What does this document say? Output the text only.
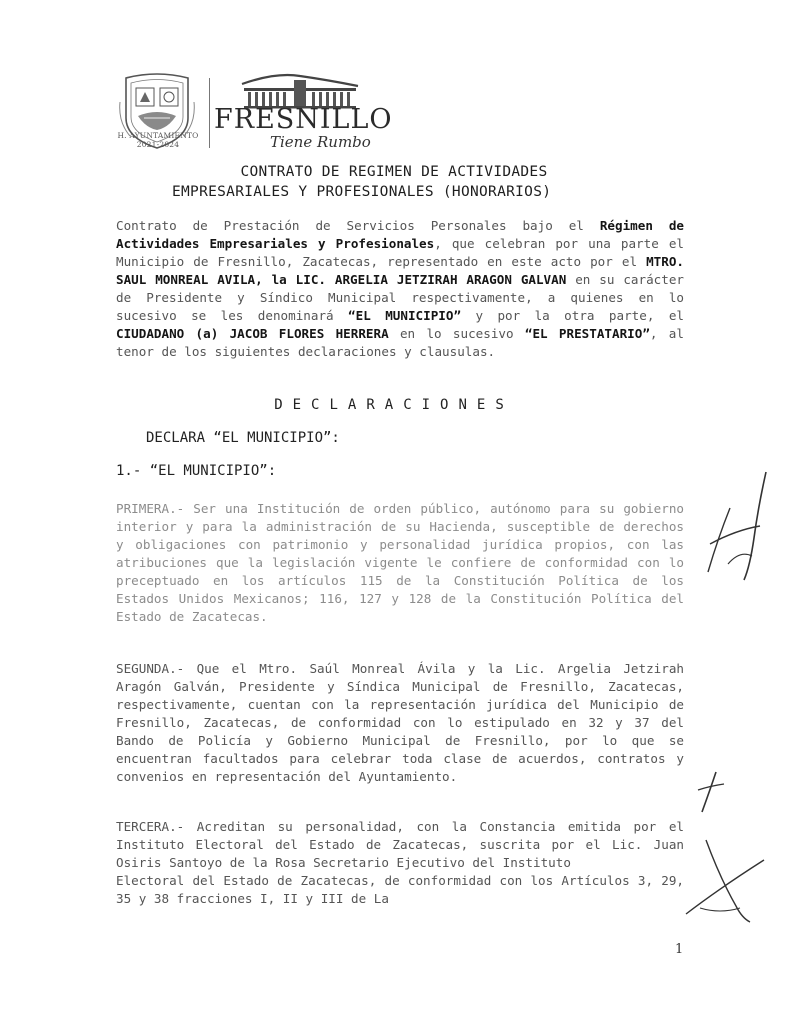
H. AYUNTAMIENTO
2021-2024
FRESNILLO
Tiene Rumbo
CONTRATO DE REGIMEN DE ACTIVIDADES
EMPRESARIALES Y PROFESIONALES (HONORARIOS)

Contrato de Prestación de Servicios Personales bajo el Régimen de Actividades Empresariales y Profesionales, que celebran por una parte el Municipio de Fresnillo, Zacatecas, representado en este acto por el MTRO. SAUL MONREAL AVILA, la LIC. ARGELIA JETZIRAH ARAGON GALVAN en su carácter de Presidente y Síndico Municipal respectivamente, a quienes en lo sucesivo se les denominará “EL MUNICIPIO” y por la otra parte, el CIUDADANO (a) JACOB FLORES HERRERA en lo sucesivo “EL PRESTATARIO”, al tenor de los siguientes declaraciones y clausulas.

DECLARACIONES

DECLARA “EL MUNICIPIO”:

1.- “EL MUNICIPIO”:

PRIMERA.- Ser una Institución de orden público, autónomo para su gobierno interior y para la administración de su Hacienda, susceptible de derechos y obligaciones con patrimonio y personalidad jurídica propios, con las atribuciones que la legislación vigente le confiere de conformidad con lo preceptuado en los artículos 115 de la Constitución Política de los Estados Unidos Mexicanos; 116, 127 y 128 de la Constitución Política del Estado de Zacatecas.

SEGUNDA.- Que el Mtro. Saúl Monreal Ávila y la Lic. Argelia Jetzirah Aragón Galván, Presidente y Síndica Municipal de Fresnillo, Zacatecas, respectivamente, cuentan con la representación jurídica del Municipio de Fresnillo, Zacatecas, de conformidad con lo estipulado en 32 y 37 del Bando de Policía y Gobierno Municipal de Fresnillo, por lo que se encuentran facultados para celebrar toda clase de acuerdos, contratos y convenios en representación del Ayuntamiento.

TERCERA.- Acreditan su personalidad, con la Constancia emitida por el Instituto Electoral del Estado de Zacatecas, suscrita por el Lic. Juan Osiris Santoyo de la Rosa Secretario Ejecutivo del Instituto

Electoral del Estado de Zacatecas, de conformidad con los Artículos 3, 29, 35 y 38 fracciones I, II y III de La

1
